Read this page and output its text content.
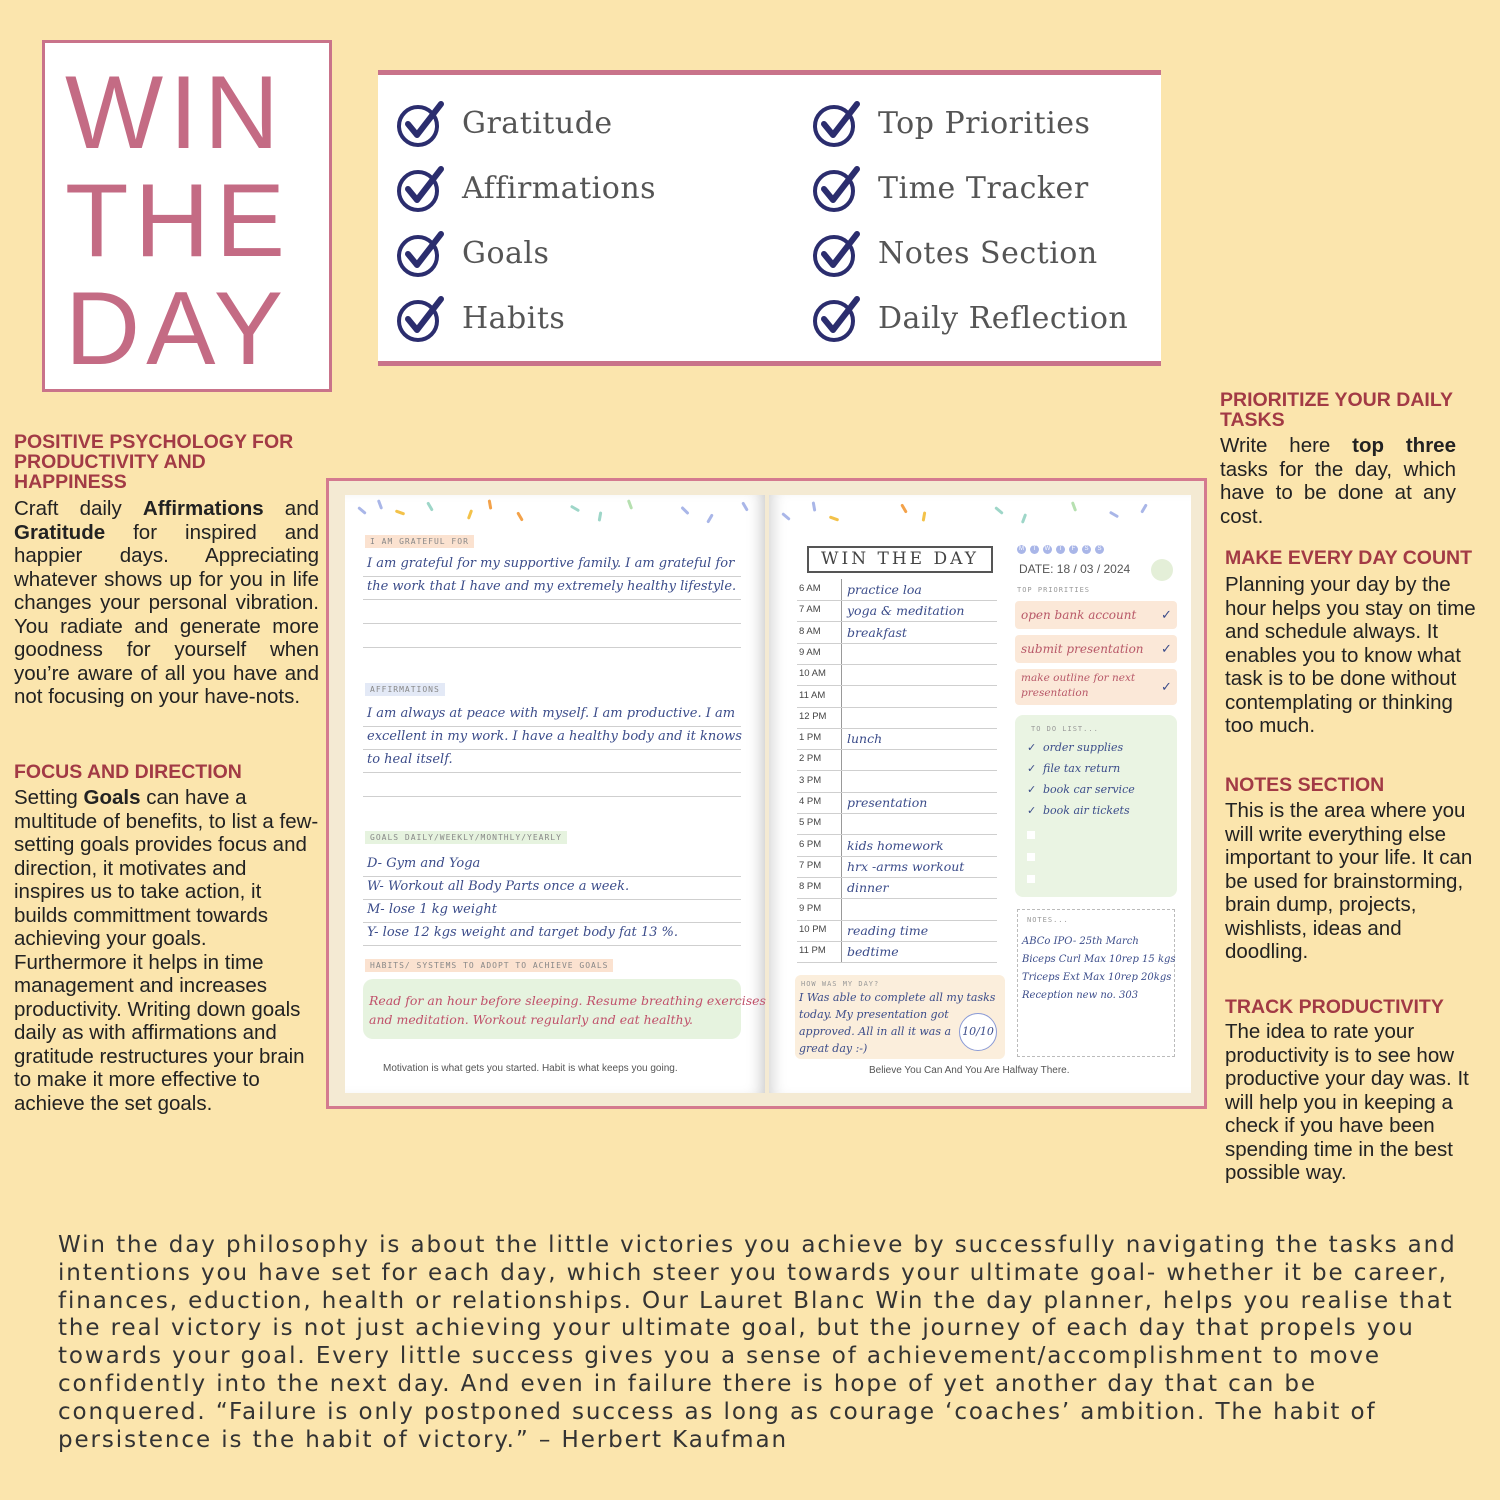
WIN
THE
DAY
Gratitude
Affirmations
Goals
Habits
Top Priorities
Time Tracker
Notes Section
Daily Reflection
POSITIVE PSYCHOLOGY FOR PRODUCTIVITY AND HAPPINESS
Craft daily Affirmations and Gratitude for inspired and happier days. Appreciating whatever shows up for you in life changes your personal vibration. You radiate and generate more goodness for yourself when you’re aware of all you have and not focusing on your have-nots.
FOCUS AND DIRECTION
Setting Goals can have a multitude of benefits, to list a few- setting goals provides focus and direction, it motivates and inspires us to take action, it builds committment towards achieving your goals. Furthermore it helps in time management and increases productivity. Writing down goals daily as with affirmations and gratitude restructures your brain to make it more effective to achieve the set goals.
PRIORITIZE YOUR DAILY TASKS
Write here top three tasks for the day, which have to be done at any cost.
MAKE EVERY DAY COUNT
Planning your day by the hour helps you stay on time and schedule always. It enables you to know what task is to be done without contemplating or thinking too much.
NOTES SECTION
This is the area where you will write everything else important to your life. It can be used for brainstorming, brain dump, projects, wishlists, ideas and doodling.
TRACK PRODUCTIVITY
The idea to rate your productivity is to see how productive your day was. It will help you in keeping a check if you have been spending time in the best possible way.
I AM GRATEFUL FOR
I am grateful for my supportive family. I am grateful for
the work that I have and my extremely healthy lifestyle.
AFFIRMATIONS
I am always at peace with myself. I am productive. I am
excellent in my work. I have a healthy body and it knows
to heal itself.
GOALS DAILY/WEEKLY/MONTHLY/YEARLY
D- Gym and Yoga
W- Workout all Body Parts once a week.
M- lose 1 kg weight
Y- lose 12 kgs weight and target body fat 13 %.
HABITS/ SYSTEMS TO ADOPT TO ACHIEVE GOALS
Read for an hour before sleeping. Resume breathing exercises
and meditation. Workout regularly and eat healthy.
Motivation is what gets you started. Habit is what keeps you going.
WIN THE DAY	M	T	W	T	F	S	S
DATE: 18 / 03 / 2024
6 AM practice loa
7 AM yoga & meditation
8 AM breakfast
9 AM
10 AM
11 AM
12 PM
1 PM lunch
2 PM
3 PM
4 PM presentation
5 PM
6 PM kids homework
7 PM hrx -arms workout
8 PM dinner
9 PM
10 PM reading time
11 PM bedtime
TOP PRIORITIES
open bank account ✓
submit presentation ✓
make outline for next
presentation	✓
TO DO LIST...
✓ order supplies
✓ file tax return
✓ book car service
✓ book air tickets
NOTES...
ABCo IPO- 25th March
Biceps Curl Max 10rep 15 kgs
Triceps Ext Max 10rep 20kgs
Reception new no. 303
HOW WAS MY DAY?
I Was able to complete all my tasks
today. My presentation got
approved. All in all it was a
great day :-)
10/10
Believe You Can And You Are Halfway There.
Win the day philosophy is about the little victories you achieve by successfully navigating the tasks and intentions you have set for each day, which steer you towards your ultimate goal- whether it be career, finances, eduction, health or relationships. Our Lauret Blanc Win the day planner, helps you realise that the real victory is not just achieving your ultimate goal, but the journey of each day that propels you towards your goal. Every little success gives you a sense of achievement/accomplishment to move confidently into the next day. And even in failure there is hope of yet another day that can be conquered. “Failure is only postponed success as long as courage ‘coaches’ ambition. The habit of persistence is the habit of victory.” – Herbert Kaufman
